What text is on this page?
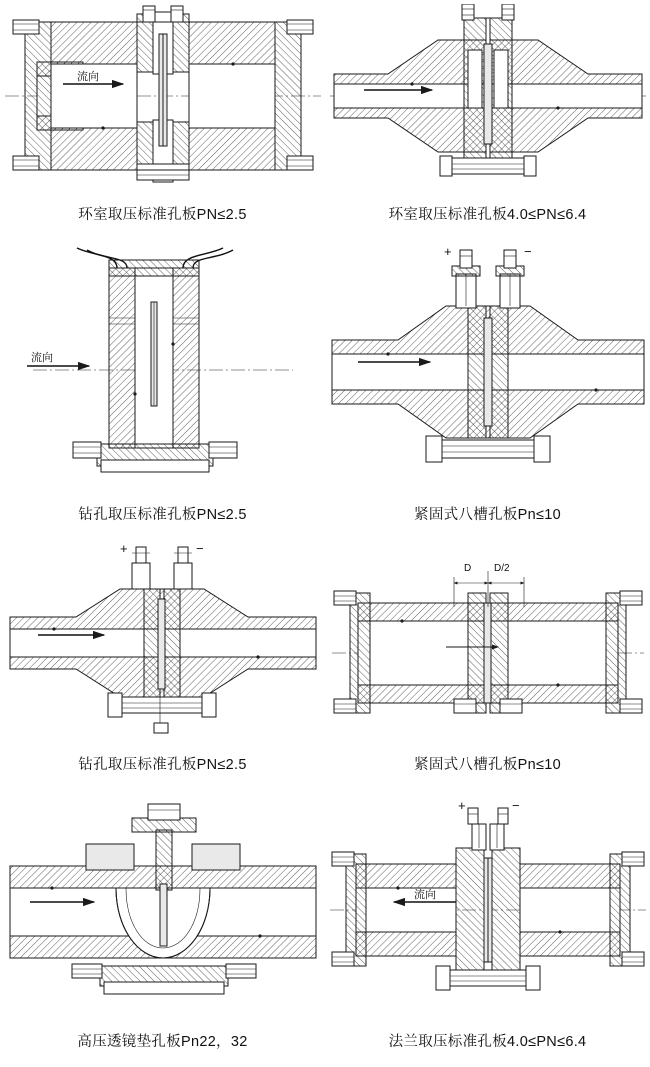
流向
环室取压标准孔板PN≤2.5	环室取压标准孔板4.0≤PN≤6.4
流向
钻孔取压标准孔板PN≤2.5
+	−
紧固式八槽孔板Pn≤10
+	−
钻孔取压标准孔板PN≤2.5
D D/2
紧固式八槽孔板Pn≤10
高压透镜垫孔板Pn22，32
+	−
流向
法兰取压标准孔板4.0≤PN≤6.4
